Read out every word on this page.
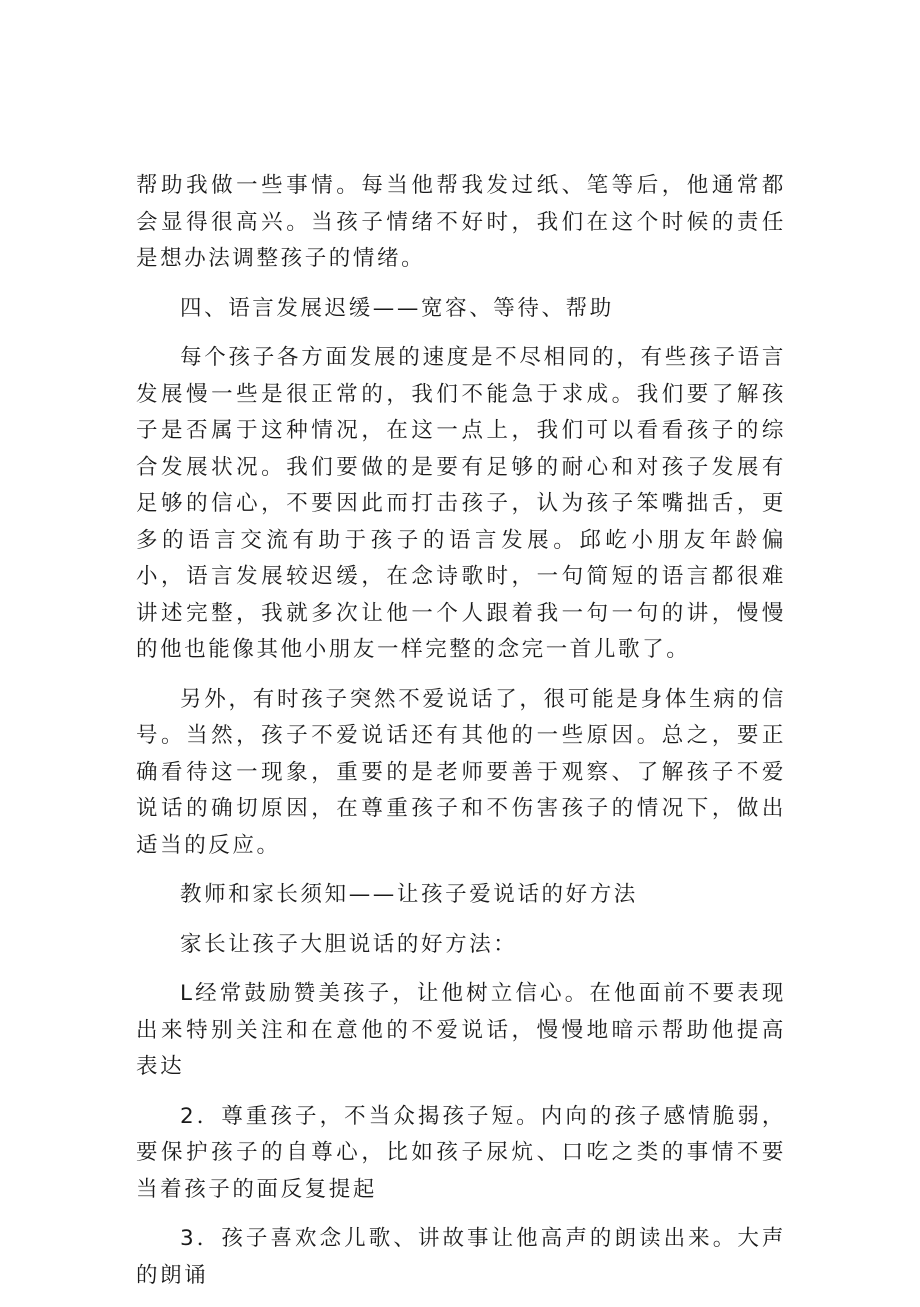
帮助我做一些事情。每当他帮我发过纸、笔等后，他通常都会显得很高兴。当孩子情绪不好时，我们在这个时候的责任是想办法调整孩子的情绪。

四、语言发展迟缓——宽容、等待、帮助

每个孩子各方面发展的速度是不尽相同的，有些孩子语言发展慢一些是很正常的，我们不能急于求成。我们要了解孩子是否属于这种情况，在这一点上，我们可以看看孩子的综合发展状况。我们要做的是要有足够的耐心和对孩子发展有足够的信心，不要因此而打击孩子，认为孩子笨嘴拙舌，更多的语言交流有助于孩子的语言发展。邱屹小朋友年龄偏小，语言发展较迟缓，在念诗歌时，一句简短的语言都很难讲述完整，我就多次让他一个人跟着我一句一句的讲，慢慢的他也能像其他小朋友一样完整的念完一首儿歌了。

另外，有时孩子突然不爱说话了，很可能是身体生病的信号。当然，孩子不爱说话还有其他的一些原因。总之，要正确看待这一现象，重要的是老师要善于观察、了解孩子不爱说话的确切原因，在尊重孩子和不伤害孩子的情况下，做出适当的反应。

教师和家长须知——让孩子爱说话的好方法

家长让孩子大胆说话的好方法：

L经常鼓励赞美孩子，让他树立信心。在他面前不要表现出来特别关注和在意他的不爱说话，慢慢地暗示帮助他提高表达

2．尊重孩子，不当众揭孩子短。内向的孩子感情脆弱，要保护孩子的自尊心，比如孩子尿炕、口吃之类的事情不要当着孩子的面反复提起

3．孩子喜欢念儿歌、讲故事让他高声的朗读出来。大声的朗诵
